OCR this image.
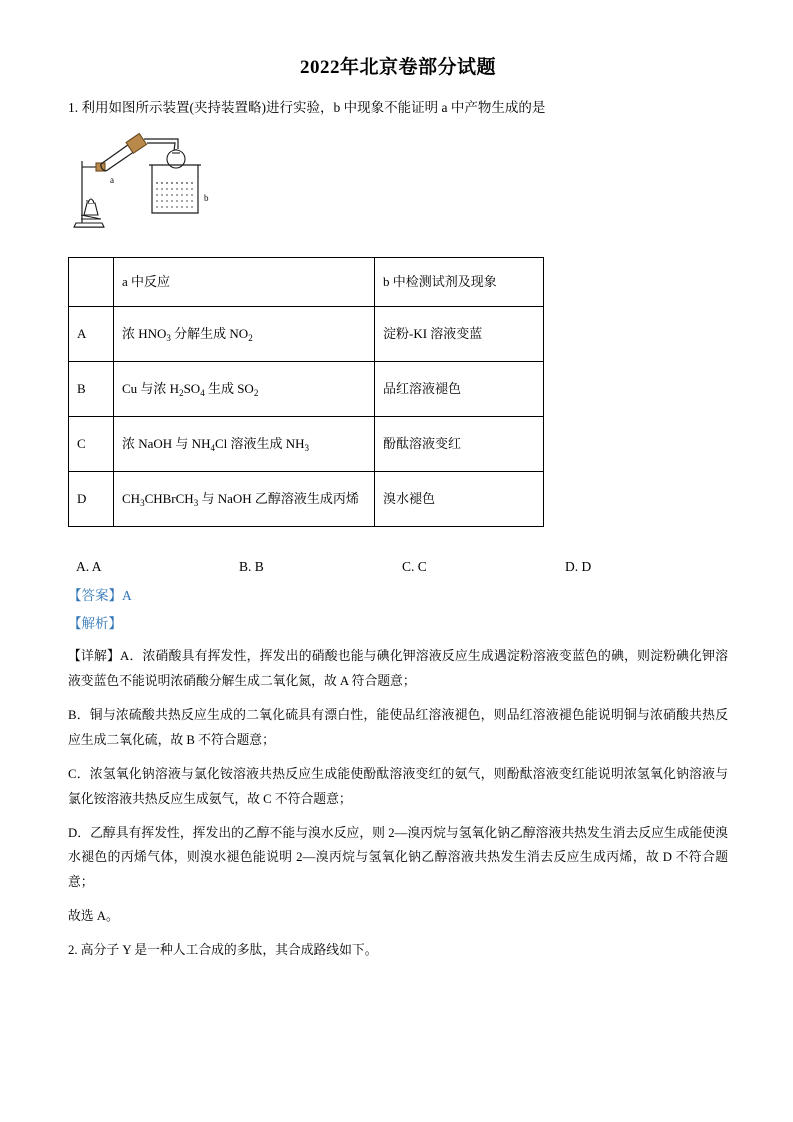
2022年北京卷部分试题
1. 利用如图所示装置(夹持装置略)进行实验，b 中现象不能证明 a 中产物生成的是
a
b
	a 中反应	b 中检测试剂及现象
A	浓 $HNO_3$ 分解生成 $NO_2$	淀粉-KI 溶液变蓝
B	Cu 与浓 $H_2SO_4$ 生成 $SO_2$	品红溶液褪色
C	浓 NaOH 与 $NH_4Cl$ 溶液生成 $NH_3$	酚酞溶液变红
D	$CH_3CHBrCH_3$ 与 NaOH 乙醇溶液生成丙烯	溴水褪色
A. A	B. B	C. C	D. D
【答案】A
【解析】
【详解】A．浓硝酸具有挥发性，挥发出的硝酸也能与碘化钾溶液反应生成遇淀粉溶液变蓝色的碘，则淀粉碘化钾溶液变蓝色不能说明浓硝酸分解生成二氧化氮，故 A 符合题意；
B．铜与浓硫酸共热反应生成的二氧化硫具有漂白性，能使品红溶液褪色，则品红溶液褪色能说明铜与浓硝酸共热反应生成二氧化硫，故 B 不符合题意；
C．浓氢氧化钠溶液与氯化铵溶液共热反应生成能使酚酞溶液变红的氨气，则酚酞溶液变红能说明浓氢氧化钠溶液与氯化铵溶液共热反应生成氨气，故 C 不符合题意；
D．乙醇具有挥发性，挥发出的乙醇不能与溴水反应，则 2—溴丙烷与氢氧化钠乙醇溶液共热发生消去反应生成能使溴水褪色的丙烯气体，则溴水褪色能说明 2—溴丙烷与氢氧化钠乙醇溶液共热发生消去反应生成丙烯，故 D 不符合题意；
故选 A。
2. 高分子 Y 是一种人工合成的多肽，其合成路线如下。
